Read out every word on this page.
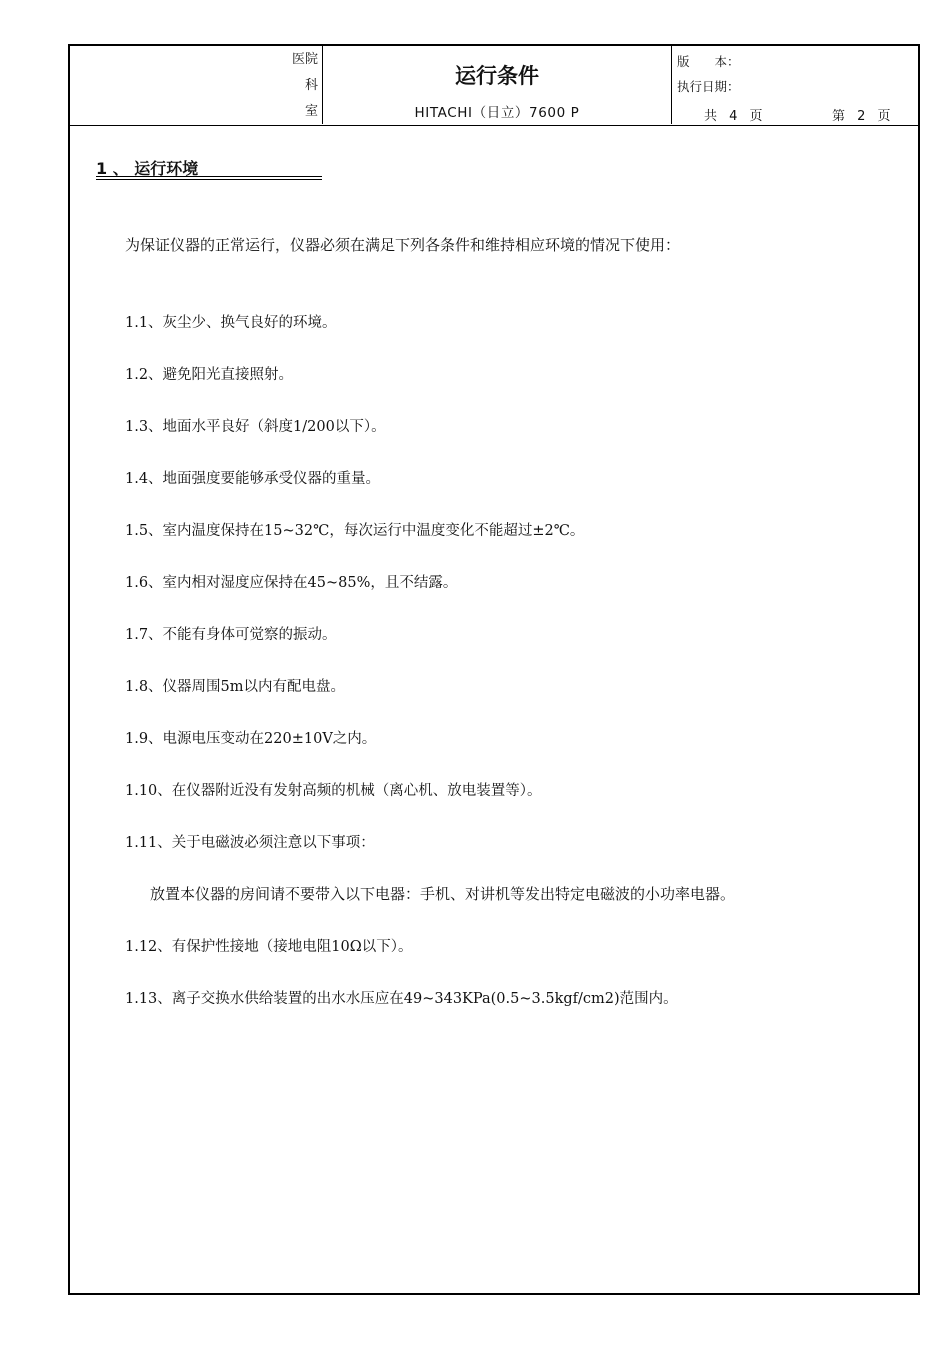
医院
科
室
运行条件
HITACHI（日立）7600 P
版　　本：
执行日期：
共 4 页	第 2 页
1 、 运行环境
为保证仪器的正常运行，仪器必须在满足下列各条件和维持相应环境的情况下使用：
1.1、灰尘少、换气良好的环境。
1.2、避免阳光直接照射。
1.3、地面水平良好（斜度1/200以下）。
1.4、地面强度要能够承受仪器的重量。
1.5、室内温度保持在15~32℃，每次运行中温度变化不能超过±2℃。
1.6、室内相对湿度应保持在45~85%，且不结露。
1.7、不能有身体可觉察的振动。
1.8、仪器周围5m以内有配电盘。
1.9、电源电压变动在220±10V之内。
1.10、在仪器附近没有发射高频的机械（离心机、放电装置等）。
1.11、关于电磁波必须注意以下事项：
放置本仪器的房间请不要带入以下电器：手机、对讲机等发出特定电磁波的小功率电器。
1.12、有保护性接地（接地电阻10Ω以下）。
1.13、离子交换水供给装置的出水水压应在49~343KPa(0.5~3.5kgf/cm2)范围内。
